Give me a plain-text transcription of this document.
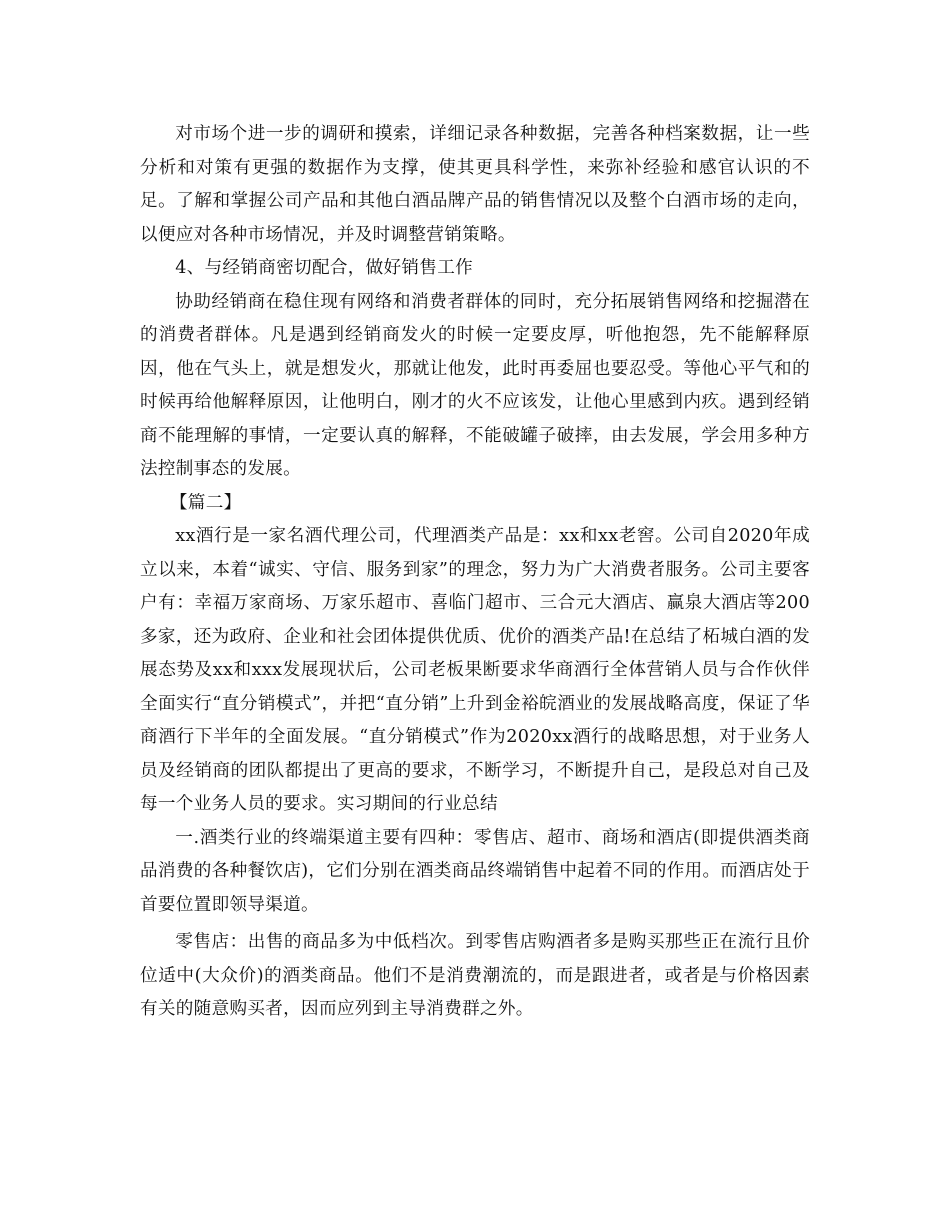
对市场个进一步的调研和摸索，详细记录各种数据，完善各种档案数据，让一些分析和对策有更强的数据作为支撑，使其更具科学性，来弥补经验和感官认识的不足。了解和掌握公司产品和其他白酒品牌产品的销售情况以及整个白酒市场的走向，以便应对各种市场情况，并及时调整营销策略。

4、与经销商密切配合，做好销售工作

协助经销商在稳住现有网络和消费者群体的同时，充分拓展销售网络和挖掘潜在的消费者群体。凡是遇到经销商发火的时候一定要皮厚，听他抱怨，先不能解释原因，他在气头上，就是想发火，那就让他发，此时再委屈也要忍受。等他心平气和的时候再给他解释原因，让他明白，刚才的火不应该发，让他心里感到内疚。遇到经销商不能理解的事情，一定要认真的解释，不能破罐子破摔，由去发展，学会用多种方法控制事态的发展。

【篇二】

xx酒行是一家名酒代理公司，代理酒类产品是：xx和xx老窖。公司自2020年成立以来，本着“诚实、守信、服务到家”的理念，努力为广大消费者服务。公司主要客户有：幸福万家商场、万家乐超市、喜临门超市、三合元大酒店、赢泉大酒店等200多家，还为政府、企业和社会团体提供优质、优价的酒类产品!在总结了柘城白酒的发展态势及xx和xxx发展现状后，公司老板果断要求华商酒行全体营销人员与合作伙伴全面实行“直分销模式”，并把“直分销”上升到金裕皖酒业的发展战略高度，保证了华商酒行下半年的全面发展。“直分销模式”作为2020xx酒行的战略思想，对于业务人员及经销商的团队都提出了更高的要求，不断学习，不断提升自己，是段总对自己及每一个业务人员的要求。实习期间的行业总结

一.酒类行业的终端渠道主要有四种：零售店、超市、商场和酒店(即提供酒类商品消费的各种餐饮店)，它们分别在酒类商品终端销售中起着不同的作用。而酒店处于首要位置即领导渠道。

零售店：出售的商品多为中低档次。到零售店购酒者多是购买那些正在流行且价位适中(大众价)的酒类商品。他们不是消费潮流的，而是跟进者，或者是与价格因素有关的随意购买者，因而应列到主导消费群之外。
